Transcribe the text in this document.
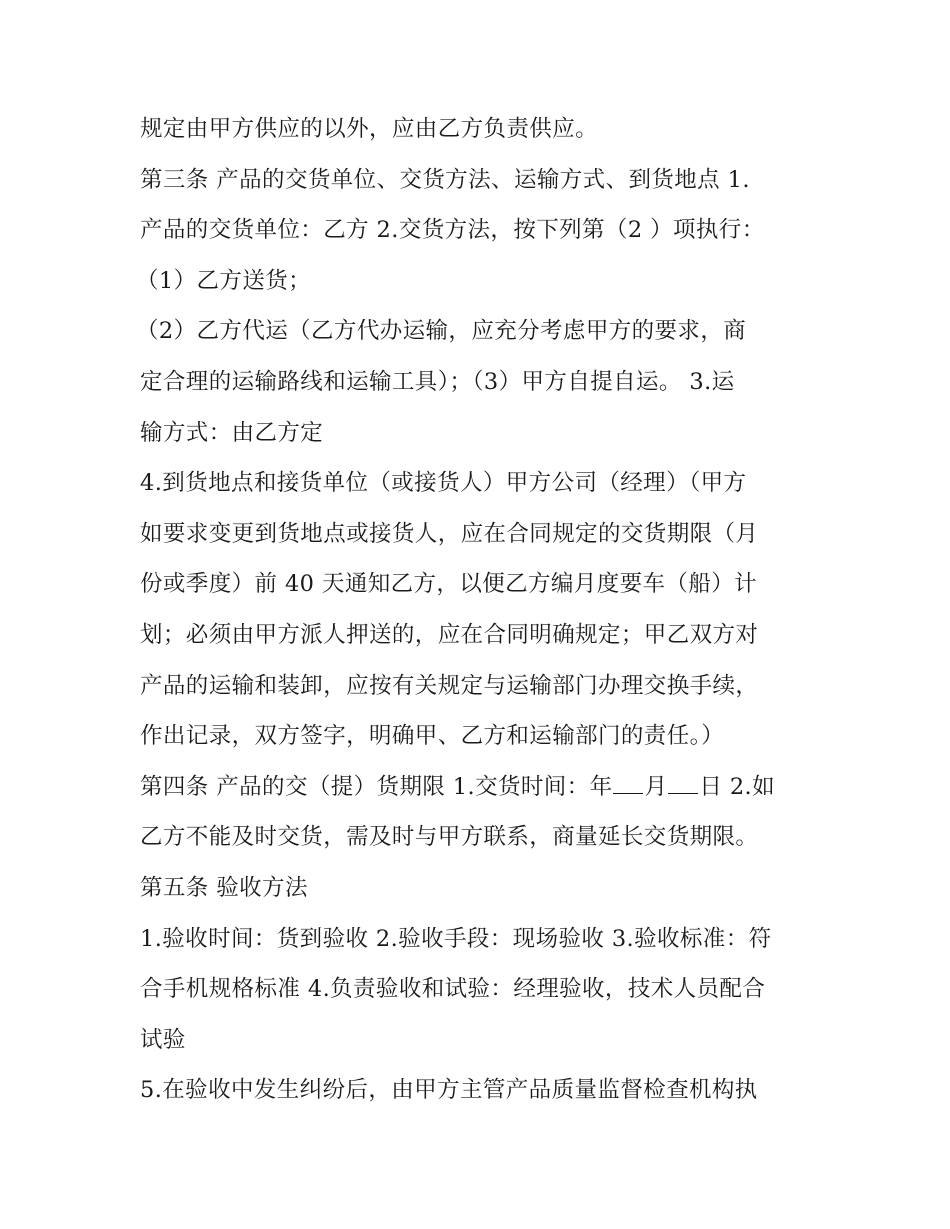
规定由甲方供应的以外，应由乙方负责供应。
第三条 产品的交货单位、交货方法、运输方式、到货地点 1.
产品的交货单位：乙方 2.交货方法，按下列第（2 ）项执行：
（1）乙方送货；
（2）乙方代运（乙方代办运输，应充分考虑甲方的要求，商
定合理的运输路线和运输工具）；（3）甲方自提自运。 3.运
输方式：由乙方定
4.到货地点和接货单位（或接货人）甲方公司（经理）（甲方
如要求变更到货地点或接货人，应在合同规定的交货期限（月
份或季度）前 40 天通知乙方，以便乙方编月度要车（船）计
划；必须由甲方派人押送的，应在合同明确规定；甲乙双方对
产品的运输和装卸，应按有关规定与运输部门办理交换手续，
作出记录，双方签字，明确甲、乙方和运输部门的责任。）
第四条 产品的交（提）货期限 1.交货时间：年 月 日 2.如
乙方不能及时交货，需及时与甲方联系，商量延长交货期限。
第五条 验收方法
1.验收时间：货到验收 2.验收手段：现场验收 3.验收标准：符
合手机规格标准 4.负责验收和试验：经理验收，技术人员配合
试验
5.在验收中发生纠纷后，由甲方主管产品质量监督检查机构执
